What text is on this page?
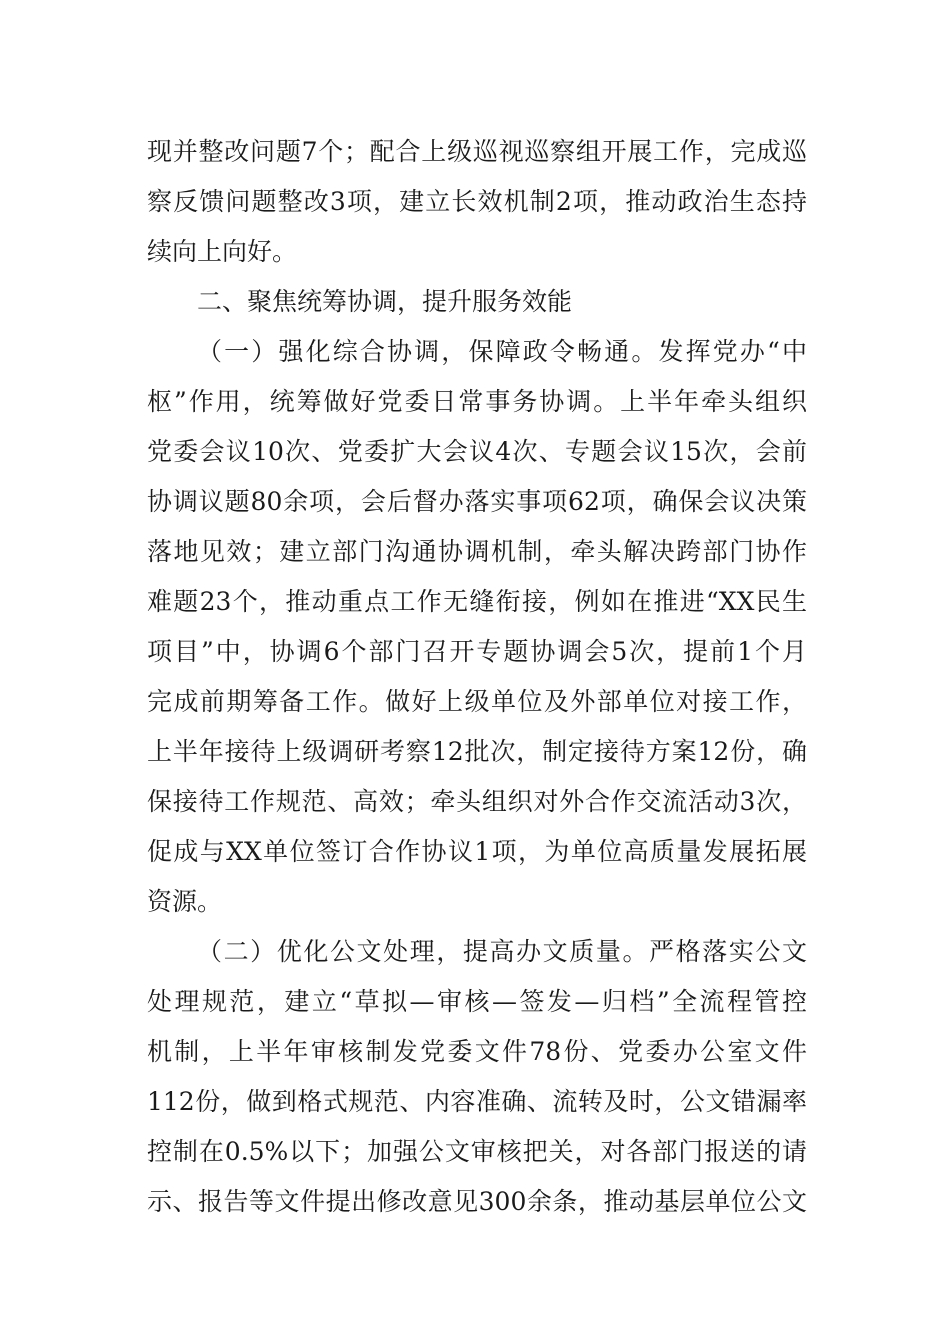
现并整改问题7个；配合上级巡视巡察组开展工作，完成巡
察反馈问题整改3项，建立长效机制2项，推动政治生态持
续向上向好。
二、聚焦统筹协调，提升服务效能
（一）强化综合协调，保障政令畅通。发挥党办“中
枢”作用，统筹做好党委日常事务协调。上半年牵头组织
党委会议10次、党委扩大会议4次、专题会议15次，会前
协调议题80余项，会后督办落实事项62项，确保会议决策
落地见效；建立部门沟通协调机制，牵头解决跨部门协作
难题23个，推动重点工作无缝衔接，例如在推进“XX民生
项目”中，协调6个部门召开专题协调会5次，提前1个月
完成前期筹备工作。做好上级单位及外部单位对接工作，
上半年接待上级调研考察12批次，制定接待方案12份，确
保接待工作规范、高效；牵头组织对外合作交流活动3次，
促成与XX单位签订合作协议1项，为单位高质量发展拓展
资源。
（二）优化公文处理，提高办文质量。严格落实公文
处理规范，建立“草拟—审核—签发—归档”全流程管控
机制，上半年审核制发党委文件78份、党委办公室文件
112份，做到格式规范、内容准确、流转及时，公文错漏率
控制在0.5%以下；加强公文审核把关，对各部门报送的请
示、报告等文件提出修改意见300余条，推动基层单位公文
